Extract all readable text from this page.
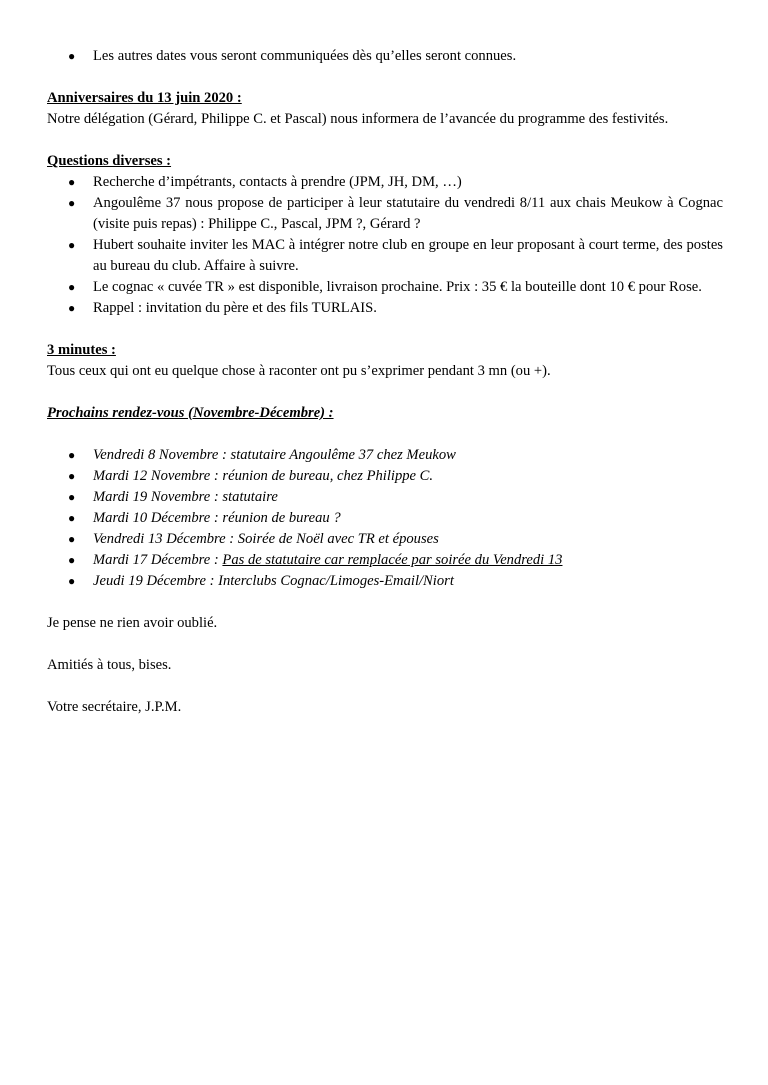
● Les autres dates vous seront communiquées dès qu’elles seront connues.

Anniversaires du 13 juin 2020 :

Notre délégation (Gérard, Philippe C. et Pascal) nous informera de l’avancée du programme des festivités.

Questions diverses :

● Recherche d’impétrants, contacts à prendre (JPM, JH, DM, …)
● Angoulême 37 nous propose de participer à leur statutaire du vendredi 8/11 aux chais Meukow à Cognac (visite puis repas) : Philippe C., Pascal, JPM ?, Gérard ?
● Hubert souhaite inviter les MAC à intégrer notre club en groupe en leur proposant à court terme, des postes au bureau du club. Affaire à suivre.
● Le cognac « cuvée TR » est disponible, livraison prochaine. Prix : 35 € la bouteille dont 10 € pour Rose.
● Rappel : invitation du père et des fils TURLAIS.

3 minutes :

Tous ceux qui ont eu quelque chose à raconter ont pu s’exprimer pendant 3 mn (ou +).

Prochains rendez-vous (Novembre-Décembre) :

● Vendredi 8 Novembre : statutaire Angoulême 37 chez Meukow
● Mardi 12 Novembre : réunion de bureau, chez Philippe C.
● Mardi 19 Novembre : statutaire
● Mardi 10 Décembre : réunion de bureau ?
● Vendredi 13 Décembre : Soirée de Noël avec TR et épouses
● Mardi 17 Décembre : Pas de statutaire car remplacée par soirée du Vendredi 13
● Jeudi 19 Décembre : Interclubs Cognac/Limoges-Email/Niort

Je pense ne rien avoir oublié.

Amitiés à tous, bises.

Votre secrétaire, J.P.M.
